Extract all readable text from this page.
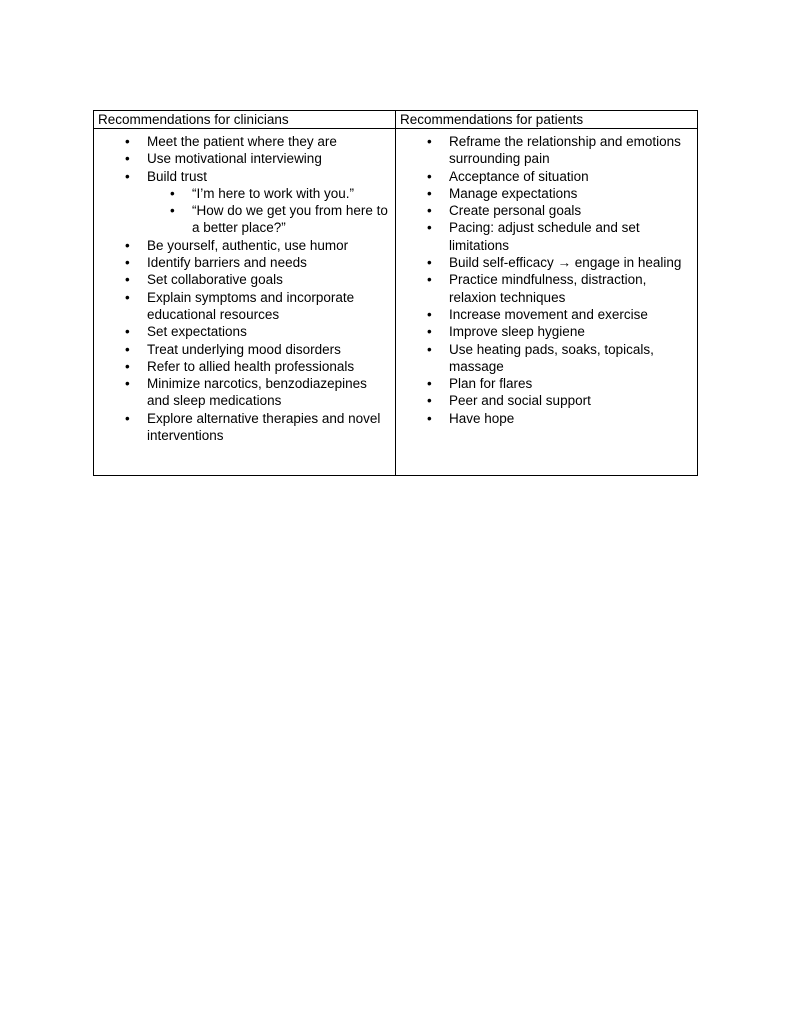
Recommendations for clinicians	Recommendations for patients

• Meet the patient where they are
• Use motivational interviewing
• Build trust
• “I’m here to work with you.”
• “How do we get you from here to a better place?”
• Be yourself, authentic, use humor
• Identify barriers and needs
• Set collaborative goals
• Explain symptoms and incorporate educational resources
• Set expectations
• Treat underlying mood disorders
• Refer to allied health professionals
• Minimize narcotics, benzodiazepines and sleep medications
• Explore alternative therapies and novel interventions

• Reframe the relationship and emotions surrounding pain
• Acceptance of situation
• Manage expectations
• Create personal goals
• Pacing: adjust schedule and set limitations
• Build self-efficacy → engage in healing
• Practice mindfulness, distraction, relaxion techniques
• Increase movement and exercise
• Improve sleep hygiene
• Use heating pads, soaks, topicals, massage
• Plan for flares
• Peer and social support
• Have hope
